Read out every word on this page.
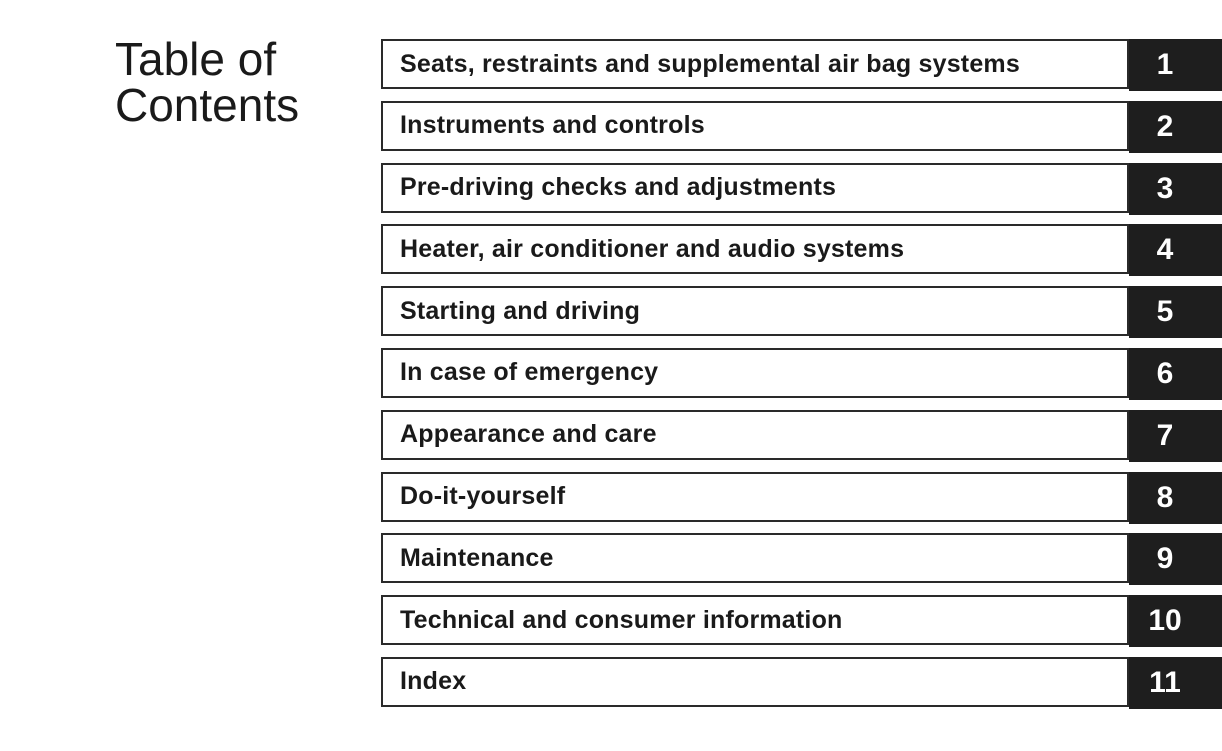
Table of
Contents
Seats, restraints and supplemental air bag systems	1
Instruments and controls	2
Pre-driving checks and adjustments	3
Heater, air conditioner and audio systems	4
Starting and driving	5
In case of emergency	6
Appearance and care	7
Do-it-yourself	8
Maintenance	9
Technical and consumer information	10
Index	11
